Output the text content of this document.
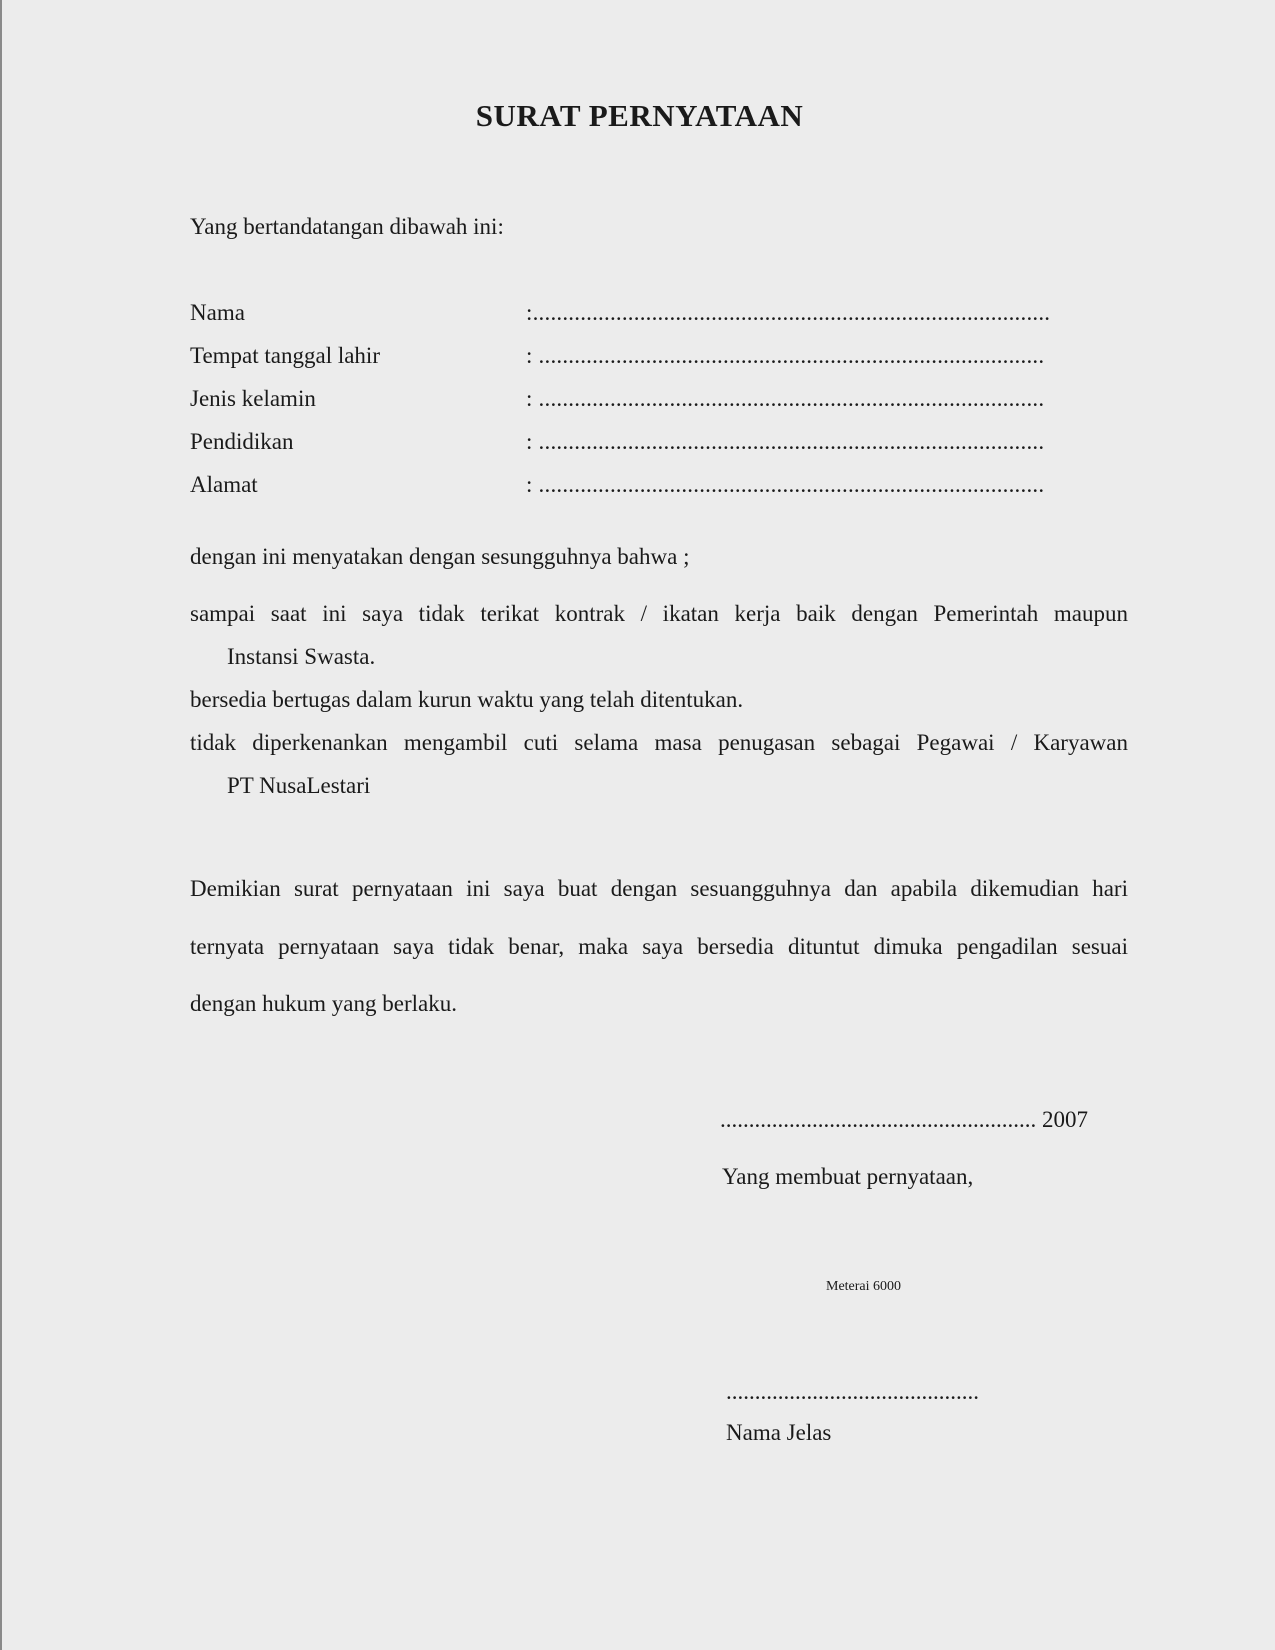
SURAT PERNYATAAN
Yang bertandatangan dibawah ini:
Nama	:.......................................................................................
Tempat tanggal lahir	: .....................................................................................
Jenis kelamin	: .....................................................................................
Pendidikan	: .....................................................................................
Alamat	: .....................................................................................
dengan ini menyatakan dengan sesungguhnya bahwa ;
sampai saat ini saya tidak terikat kontrak / ikatan kerja baik dengan Pemerintah maupun
Instansi Swasta.
bersedia bertugas dalam kurun waktu yang telah ditentukan.
tidak diperkenankan mengambil cuti selama masa penugasan sebagai Pegawai / Karyawan
PT NusaLestari
Demikian surat pernyataan ini saya buat dengan sesuangguhnya dan apabila dikemudian hari
ternyata pernyataan saya tidak benar, maka saya bersedia dituntut dimuka pengadilan sesuai
dengan hukum yang berlaku.
....................................................... 2007
Yang membuat pernyataan,
Meterai 6000
............................................
Nama Jelas
